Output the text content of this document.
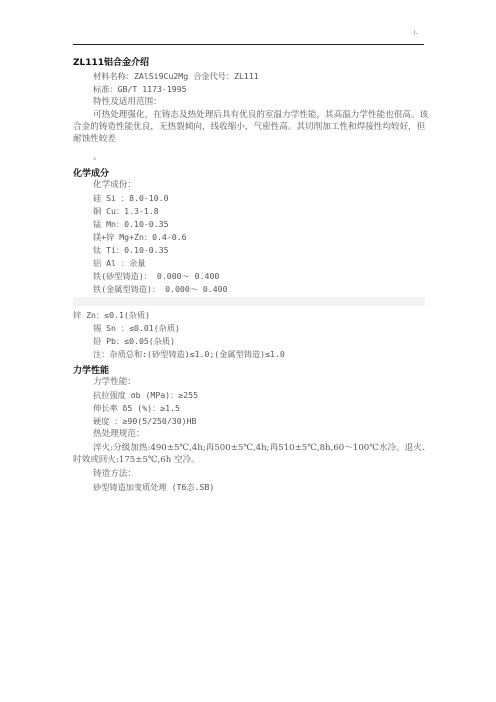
!-
ZL111铝合金介绍
材料名称：ZAlSi9Cu2Mg 合金代号：ZL111
标准：GB/T 1173-1995
特性及适用范围：
可热处理强化，在铸态及热处理后具有优良的室温力学性能，其高温力学性能也很高。该合金的铸造性能优良，无热裂倾向，线收缩小，气密性高。其切削加工性和焊接性均较好，但耐蚀性较差
。
化学成分
化学成份：
硅 Si ：8.0-10.0
铜 Cu：1.3-1.8
锰 Mn：0.10-0.35
镁+锌 Mg+Zn：0.4-0.6
钛 Ti：0.10-0.35
铝 Al ：余量
铁(砂型铸造)： 0.000～ 0.400
铁(金属型铸造)： 0.000～ 0.400
锌 Zn：≤0.1(杂质)
锡 Sn ：≤0.01(杂质)
铅 Pb：≤0.05(杂质)
注：杂质总和:(砂型铸造)≤1.0;(金属型铸造)≤1.0
力学性能
力学性能：
抗拉强度 σb (MPa)：≥255
伸长率 δ5 (%)：≥1.5
硬度 ：≥90(5/250/30)HB
热处理规范：
淬火:分级加热:490±5℃,4h;再500±5℃,4h;再510±5℃,8h,60～100℃水冷。退火、时效或回火:175±5℃,6h 空冷。
铸造方法：
砂型铸造加变质处理 (T6态.SB)
